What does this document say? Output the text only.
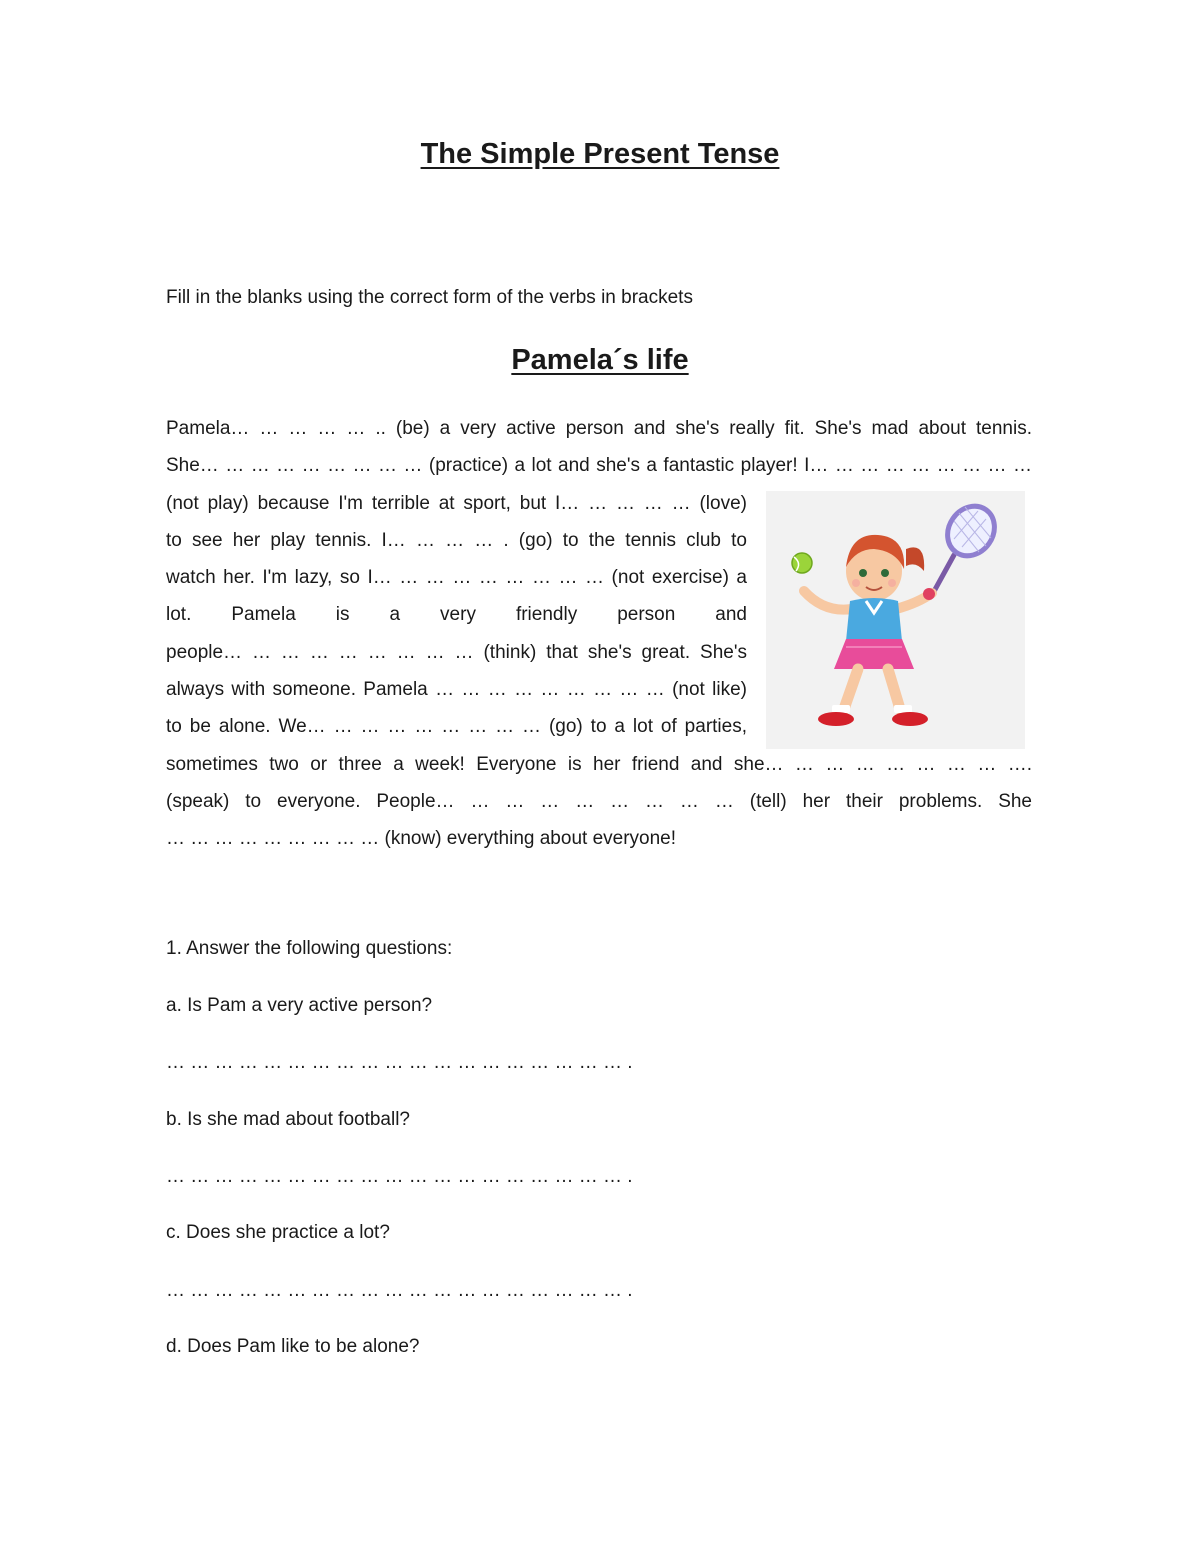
The Simple Present Tense
Fill in the blanks using the correct form of the verbs in brackets
Pamela´s life
Pamela… … … … … .. (be) a very active person and she's really fit. She's mad about tennis.
She… … … … … … … … … (practice) a lot and she's a fantastic player! I… … … … … … … … …
(not play) because I'm terrible at sport, but I… … … … … (love)
to see her play tennis. I… … … … . (go) to the tennis club to
watch her. I'm lazy, so I… … … … … … … … … (not exercise) a
lot. Pamela is a very friendly person and
people… … … … … … … … … (think) that she's great. She's
always with someone. Pamela … … … … … … … … … (not like)
to be alone. We… … … … … … … … … (go) to a lot of parties,
sometimes two or three a week! Everyone is her friend and she… … … … … … … … ….
(speak) to everyone. People… … … … … … … … … (tell) her their problems. She
… … … … … … … … … (know) everything about everyone!
1. Answer the following questions:
a. Is Pam a very active person?
… … … … … … … … … … … … … … … … … … … .
b. Is she mad about football?
… … … … … … … … … … … … … … … … … … … .
c. Does she practice a lot?
… … … … … … … … … … … … … … … … … … … .
d. Does Pam like to be alone?
